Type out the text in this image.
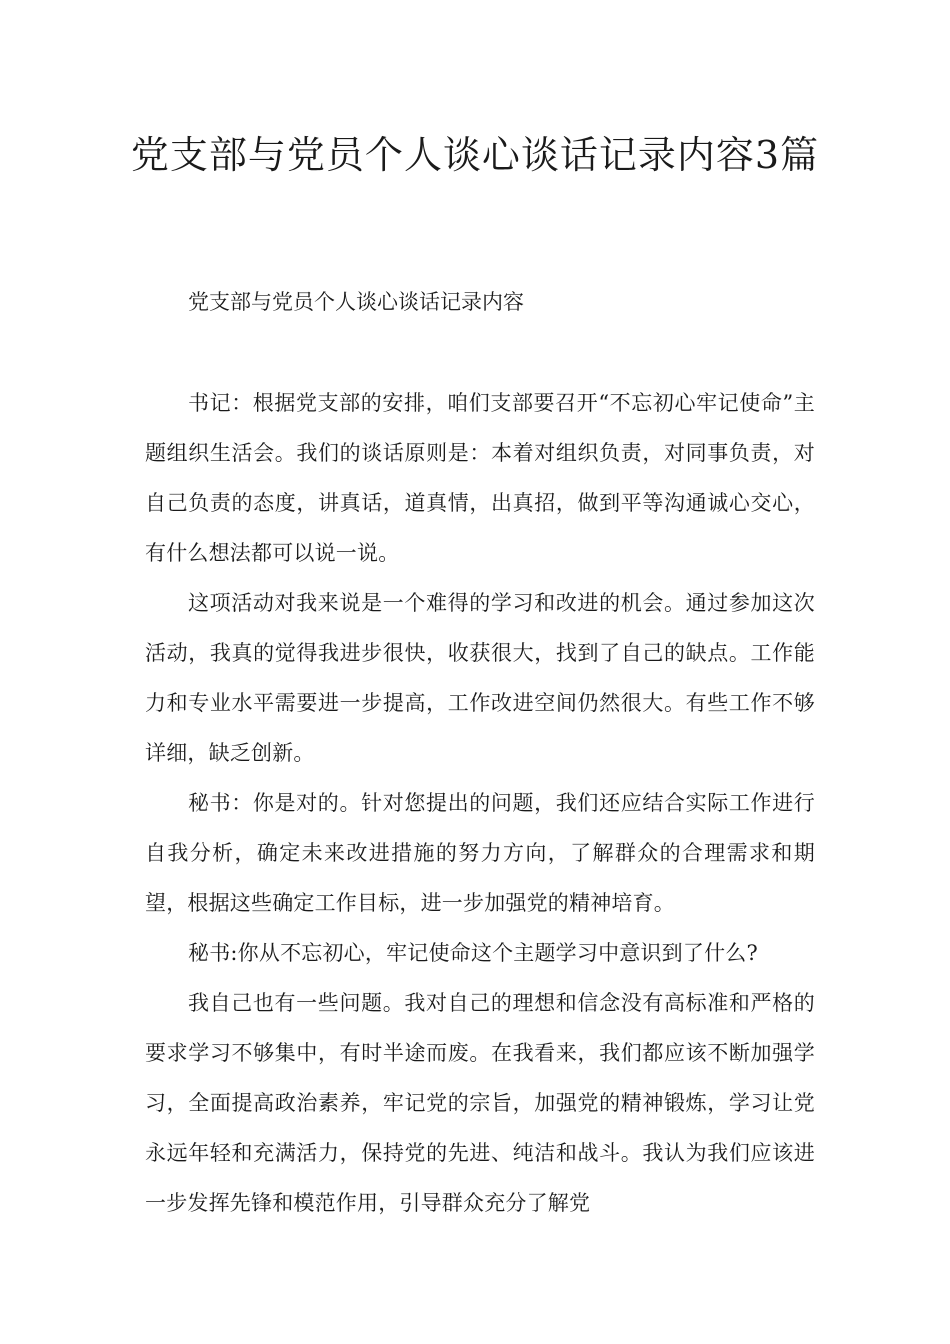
党支部与党员个人谈心谈话记录内容3篇

党支部与党员个人谈心谈话记录内容

书记：根据党支部的安排，咱们支部要召开“不忘初心牢记使命”主题组织生活会。我们的谈话原则是：本着对组织负责，对同事负责，对自己负责的态度，讲真话，道真情，出真招，做到平等沟通诚心交心，有什么想法都可以说一说。

这项活动对我来说是一个难得的学习和改进的机会。通过参加这次活动，我真的觉得我进步很快，收获很大，找到了自己的缺点。工作能力和专业水平需要进一步提高，工作改进空间仍然很大。有些工作不够详细，缺乏创新。

秘书：你是对的。针对您提出的问题，我们还应结合实际工作进行自我分析，确定未来改进措施的努力方向，了解群众的合理需求和期望，根据这些确定工作目标，进一步加强党的精神培育。

秘书:你从不忘初心，牢记使命这个主题学习中意识到了什么?

我自己也有一些问题。我对自己的理想和信念没有高标准和严格的要求学习不够集中，有时半途而废。在我看来，我们都应该不断加强学习，全面提高政治素养，牢记党的宗旨，加强党的精神锻炼，学习让党永远年轻和充满活力，保持党的先进、纯洁和战斗。我认为我们应该进一步发挥先锋和模范作用，引导群众充分了解党
